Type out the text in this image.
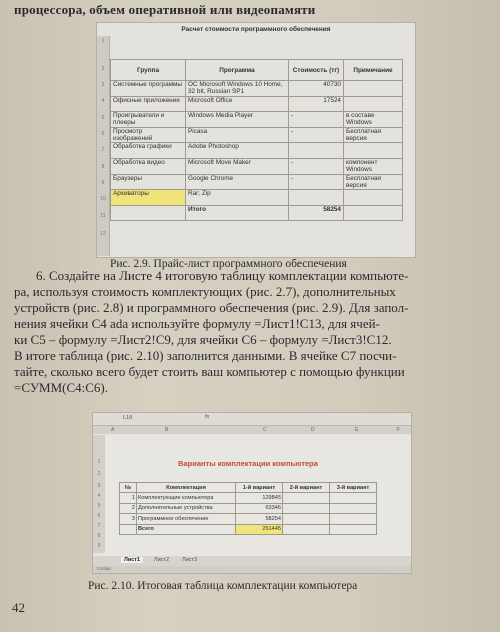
процессора, объем оперативной или видеопамяти
Расчет стоимости программного обеспечения
1
2
3
4
5
6
7
8
9
10
11
12
Группа	Программа	Стоимость (тг)	Примечание
Системные программы	ОС Microsoft Windows 10 Home, 32 bit, Russian SP1	40730	
Офисные приложения	Microsoft Office	17524	
Проигрыватели и плееры	Windows Media Player	-	в составе Windows
Просмотр изображений	Picasa	-	Бесплатная версия
Обработка графики	Adobe Photoshop		
Обработка видео	Microsoft Move Maker	-	компонент Windows
Браузеры	Google Chrome	-	Бесплатная версия
Архиваторы	Rar; Zip		
	Итого	58254	
Рис. 2.9. Прайс-лист программного обеспечения

6. Создайте на Листе 4 итоговую таблицу комплектации компьюте-

ра, используя стоимость комплектующих (рис. 2.7), дополнительных

устройств (рис. 2.8) и программного обеспечения (рис. 2.9). Для запол-

нения ячейки С4 ada используйте формулу =Лист1!С13, для ячей-

ки С5 – формулу =Лист2!С9, для ячейки С6 – формулу =Лист3!С12.

В итоге таблица (рис. 2.10) заполнится данными. В ячейке С7 посчи-

тайте, сколько всего будет стоить ваш компьютер с помощью функции

=СУММ(С4:С6).

L18	fx
A	B	C	D	E	F
1
2
3
4
5
6
7
8
9
Варианты комплектации компьютера
№	Комплектация	1-й вариант	2-й вариант	3-й вариант
1	Комплектующие компьютера	129845		
2	Дополнительные устройства	63346		
3	Программное обеспечение	58254		
	Всего	251445		
Лист1	Лист2	Лист3
Готово
Рис. 2.10. Итоговая таблица комплектации компьютера
42
